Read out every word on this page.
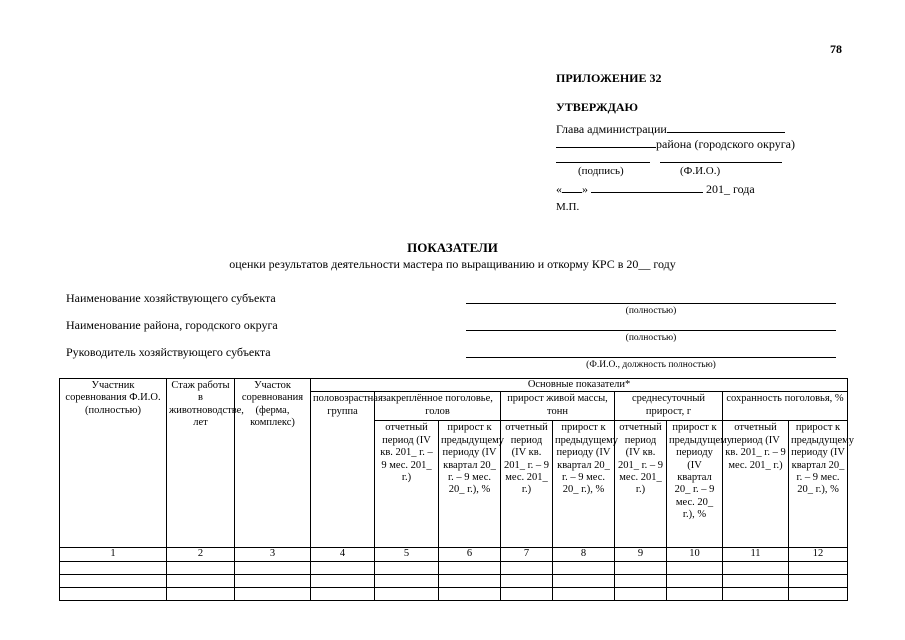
78
ПРИЛОЖЕНИЕ 32
УТВЕРЖДАЮ
Глава администрации
района (городского округа)
(подпись)	(Ф.И.О.)
« »	201_ года
М.П.
ПОКАЗАТЕЛИ
оценки результатов деятельности мастера по выращиванию и откорму КРС в 20__ году
Наименование хозяйствующего субъекта
(полностью)
Наименование района, городского округа
(полностью)
Руководитель хозяйствующего субъекта
(Ф.И.О., должность полностью)
Участник соревнования Ф.И.О. (полностью)	Стаж работы в животноводстве, лет	Участок соревнования (ферма, комплекс)	Основные показатели*								
			половозрастная группа	закреплённое поголовье, голов		прирост живой массы, тонн		среднесуточный прирост, г		сохранность поголовья, %	
				отчетный период (IV кв. 201_ г. – 9 мес. 201_ г.)	прирост к предыдущему периоду (IV квартал 20_ г. – 9 мес. 20_ г.), %	отчетный период (IV кв. 201_ г. – 9 мес. 201_ г.)	прирост к предыдущему периоду (IV квартал 20_ г. – 9 мес. 20_ г.), %	отчетный период (IV кв. 201_ г. – 9 мес. 201_ г.)	прирост к предыдущему периоду (IV квартал 20_ г. – 9 мес. 20_ г.), %	отчетный период (IV кв. 201_ г. – 9 мес. 201_ г.)	прирост к предыдущему периоду (IV квартал 20_ г. – 9 мес. 20_ г.), %
1	2	3	4	5	6	7	8	9	10	11	12
